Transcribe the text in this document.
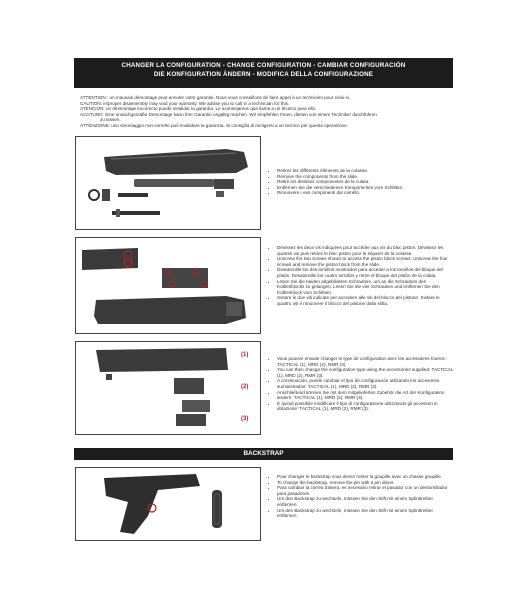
CHANGER LA CONFIGURATION - CHANGE CONFIGURATION - CAMBIAR CONFIGURACIÓN
DIE KONFIGURATION ÄNDERN - MODIFICA DELLA CONFIGURAZIONE
ATTENTION : un mauvais démontage peut annuler votre garantie. Nous vous conseillons de faire appel à un technicien pour celui-ci.
CAUTION: improper disassembly may void your warranty. We advise you to call in a technician for this.
ATENCIÓN: un desmontaje incorrecto puede invalidar la garantía. Le aconsejamos que llame a un técnico para ello.
ACHTUNG: Eine unsachgemäße Demontage kann Ihre Garantie ungültig machen. Wir empfehlen Ihnen, diesen von einem Techniker durchführen
zu lassen.
ATTENZIONE: uno smontaggio non corretto può invalidare la garanzia. Si consiglia di rivolgersi a un tecnico per questa operazione.
• Retirez les différents éléments de la culasse.
• Remove the components from the slide.
• Retire los distintos componentes de la culata.
• Entfernen Sie die verschiedenen Komponenten vom Schlitten.
• Rimuovere i vari componenti dal carrello.
• Dévissez les deux vis indiquées pour accéder aux vis du bloc piston. Dévissez les quatres vis puis retirez le bloc piston pour le séparer de la culasse.
• Unscrew the two screws shown to access the piston block screws. Unscrew the four screws and remove the piston block from the slide.
• Desatornille los dos tornillos mostrados para acceder a los tornillos del bloque del pistón. Desatornille los cuatro tornillos y retire el bloque del pistón de la culata.
• Lösen Sie die beiden abgebildeten Schrauben, um an die Schrauben des Kolbenblocks zu gelangen. Lösen Sie die vier Schrauben und entfernen Sie den Kolbenblock vom Schlitten.
• Svitare le due viti indicate per accedere alle viti del blocco del pistone. Svitare le quattro viti e rimuovere il blocco del pistone dalla slitta.
(1)
(2)
(3)
• Vous pouvez ensuite changer le type de configuration avec les accessoires fournis : TACTICAL (1), MRD (2), RMR (3).
• You can then change the configuration type using the accessories supplied: TACTICAL (1), MRD (2), RMR (3).
• A continuación, puede cambiar el tipo de configuración utilizando los accesorios suministrados: TACTICAL (1), MRD (2), RMR (3).
• Anschließend können Sie mit dem mitgelieferten Zubehör die Art der Konfiguration ändern: TACTICAL (1), MRD (2), RMR (3).
• È quindi possibile modificare il tipo di configurazione utilizzando gli accessori in dotazione: TACTICAL (1), MRD (2), RMR (3).
BACKSTRAP
• Pour changer le backstrap vous devez retirer la goupille avec un chasse goupille.
• To change the backstrap, remove the pin with a pin driver.
• Para cambiar la correa trasera, es necesario retirar el pasador con un destornillador para pasadores.
• Um den Backstrap zu wechseln, müssen Sie den Stift mit einem Splinttreiber entfernen.
• Um den Backstrap zu wechseln, müssen Sie den Stift mit einem Splinttreiber entfernen.
